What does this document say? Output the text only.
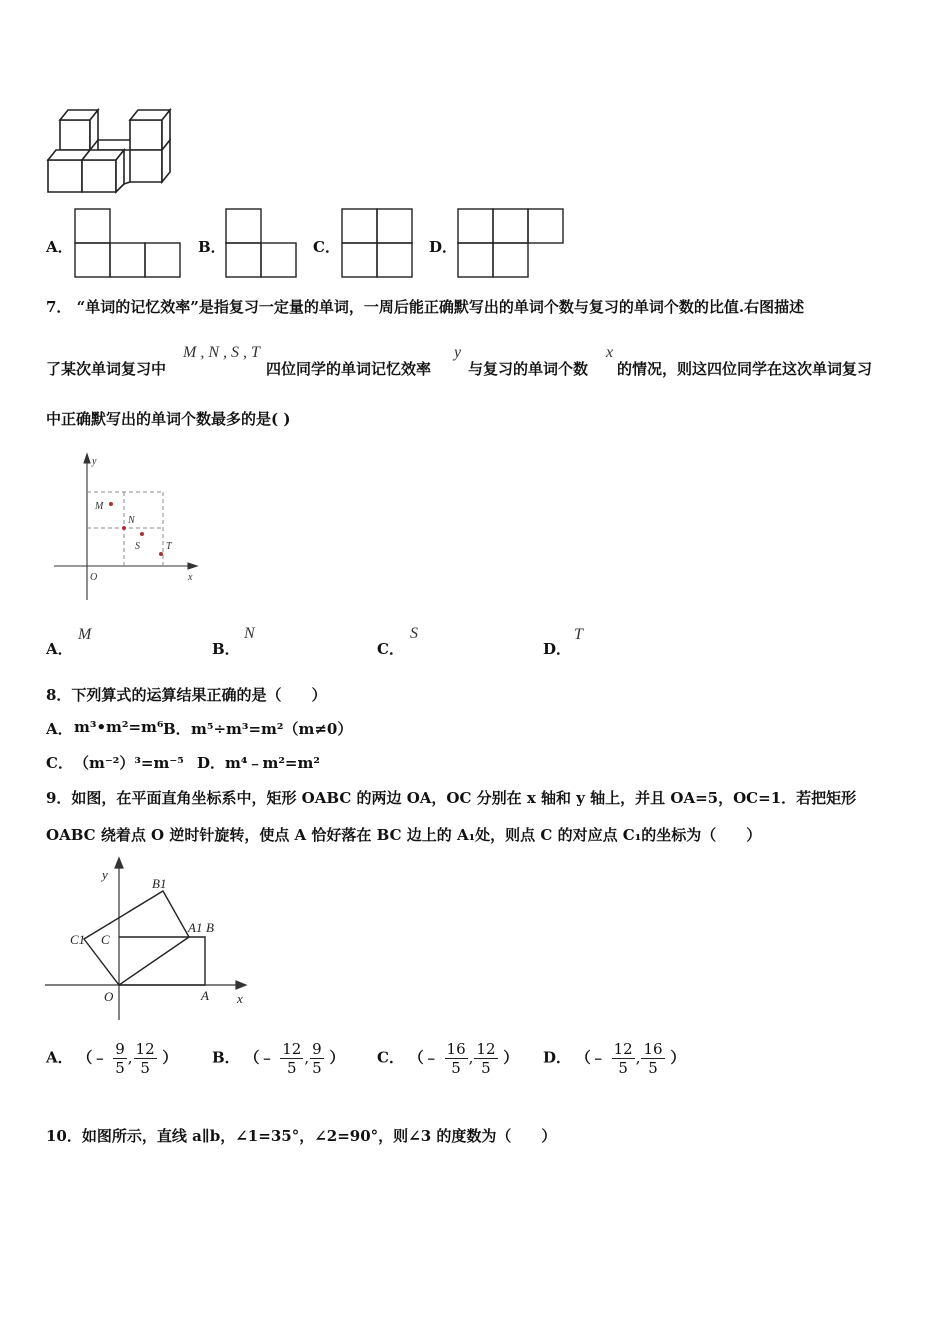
A．	B．	C．	D．
7． “单词的记忆效率”是指复习一定量的单词，一周后能正确默写出的单词个数与复习的单词个数的比值.右图描述
了某次单词复习中
M , N , S , T
四位同学的单词记忆效率
y
与复习的单词个数
x
的情况，则这四位同学在这次单词复习
中正确默写出的单词个数最多的是( )
y
x
O
M
N
S	T
A．
M
B．
N
C．
S
D．
T
8．下列算式的运算结果正确的是（　　）
A． m³•m²=m⁶ B． m⁵÷m³=m²（m≠0）
C． （m⁻²）³=m⁻⁵ D． m⁴﹣m²=m²
9．如图，在平面直角坐标系中，矩形 OABC 的两边 OA，OC 分别在 x 轴和 y 轴上，并且 OA=5，OC=1．若把矩形
OABC 绕着点 O 逆时针旋转，使点 A 恰好落在 BC 边上的 A₁处，则点 C 的对应点 C₁的坐标为（　　）
B1
A1 B
y
C1 C
O	A x
A． （﹣ $\frac{9}{5}$ , $\frac{12}{5}$ ） B． （﹣ $\frac{12}{5}$ , $\frac{9}{5}$ ） C． （﹣ $\frac{16}{5}$ , $\frac{12}{5}$ ） D． （﹣ $\frac{12}{5}$ , $\frac{16}{5}$ ）
10．如图所示，直线 a∥b，∠1=35°，∠2=90°，则∠3 的度数为（　　）
